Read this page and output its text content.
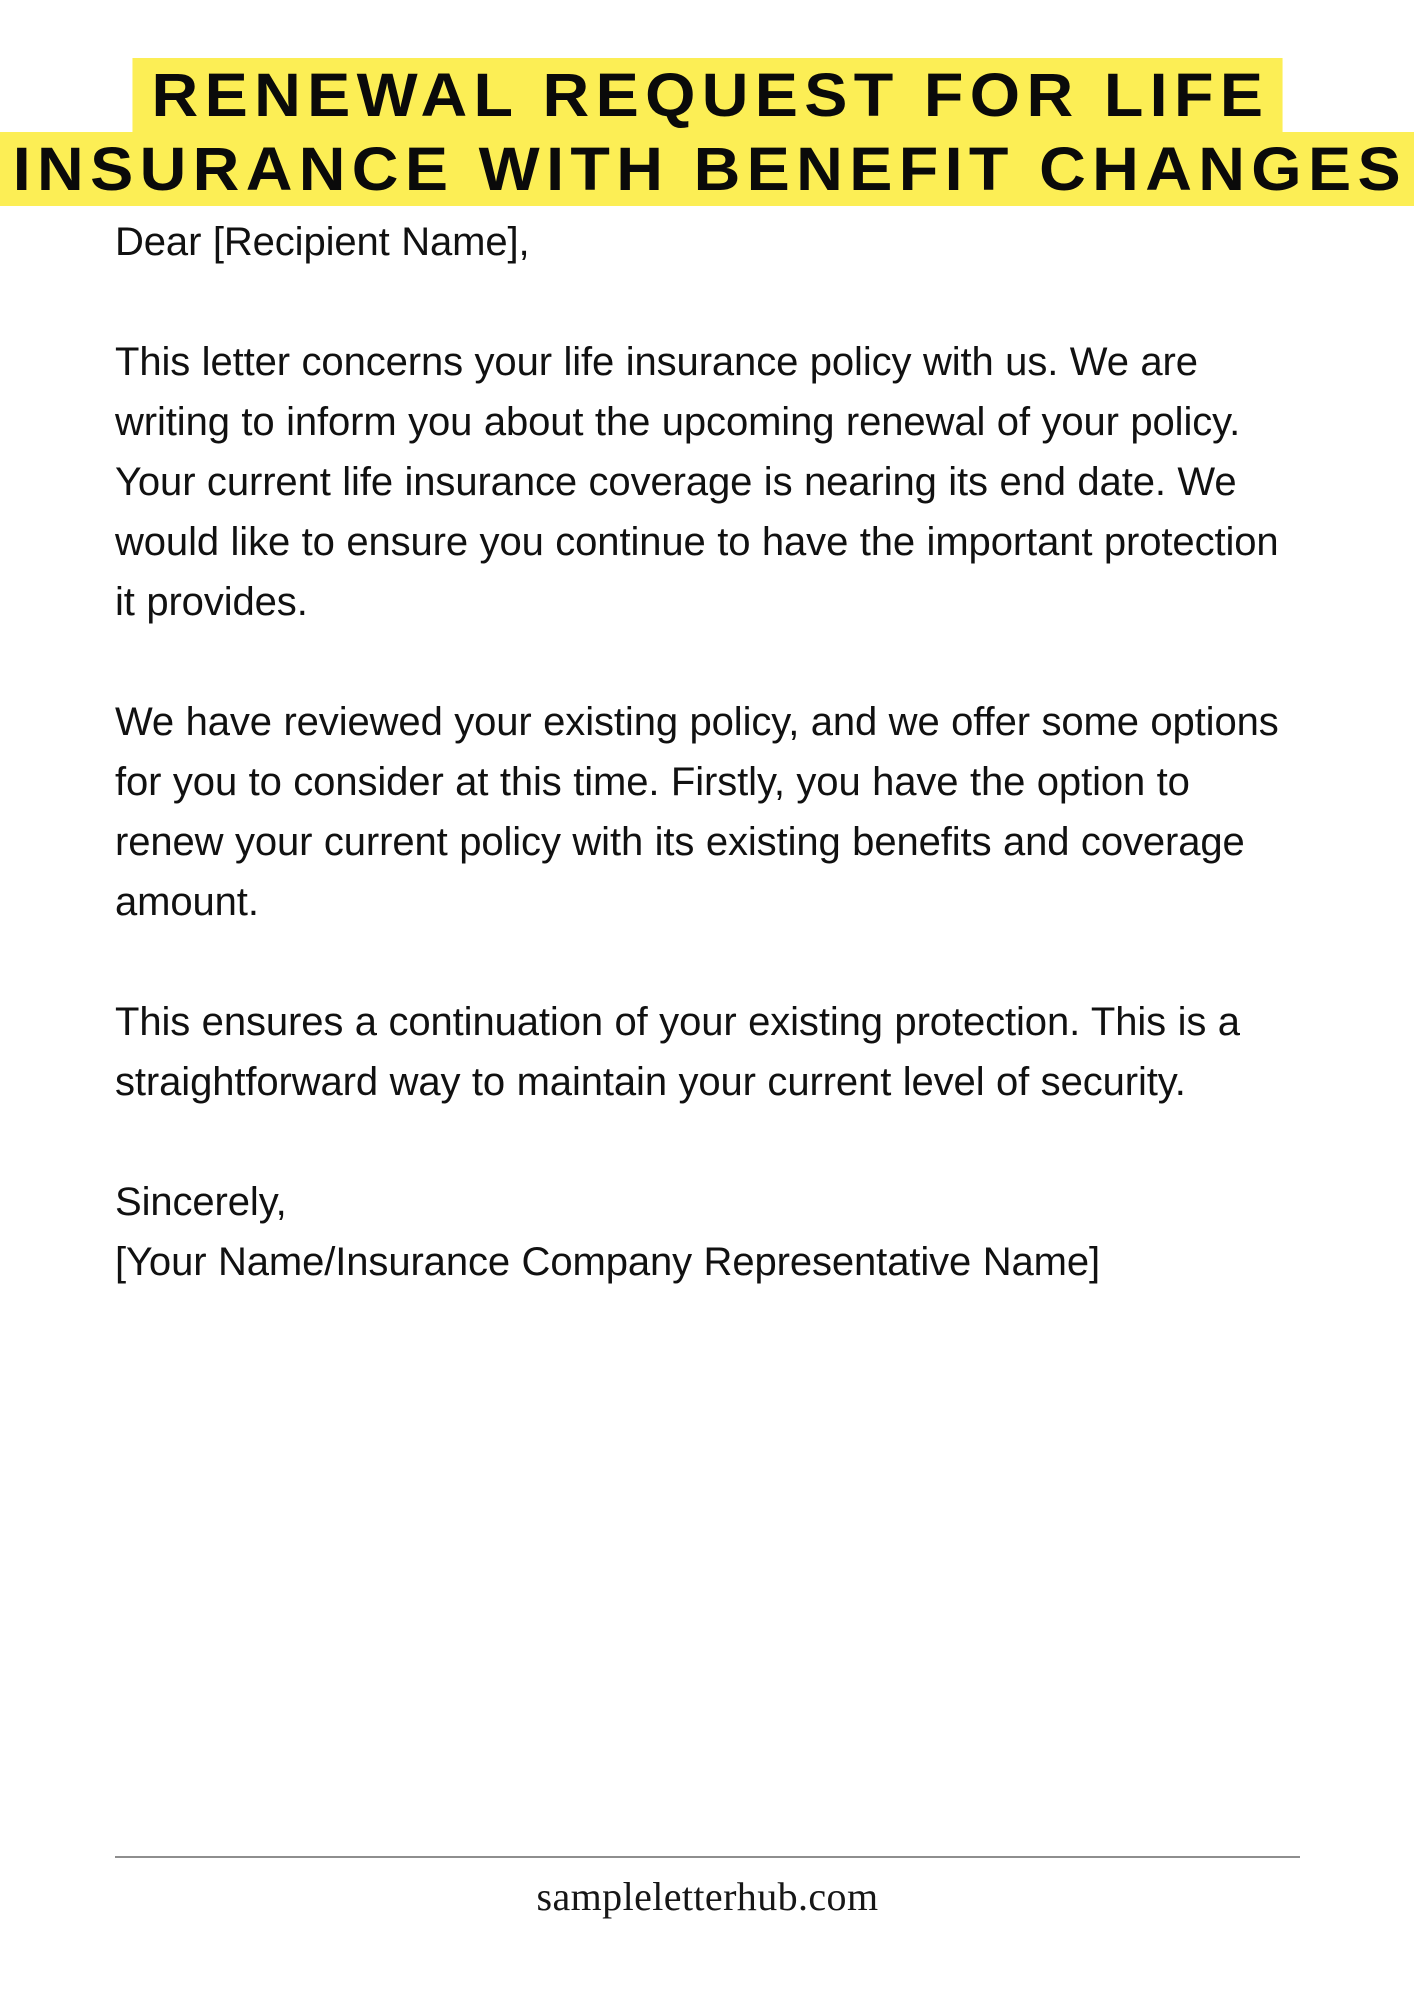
RENEWAL REQUEST FOR LIFE INSURANCE WITH BENEFIT CHANGES

Dear [Recipient Name],

This letter concerns your life insurance policy with us. We are writing to inform you about the upcoming renewal of your policy. Your current life insurance coverage is nearing its end date. We would like to ensure you continue to have the important protection it provides.

We have reviewed your existing policy, and we offer some options for you to consider at this time. Firstly, you have the option to renew your current policy with its existing benefits and coverage amount.

This ensures a continuation of your existing protection. This is a straightforward way to maintain your current level of security.

Sincerely,
[Your Name/Insurance Company Representative Name]

sampleletterhub.com
